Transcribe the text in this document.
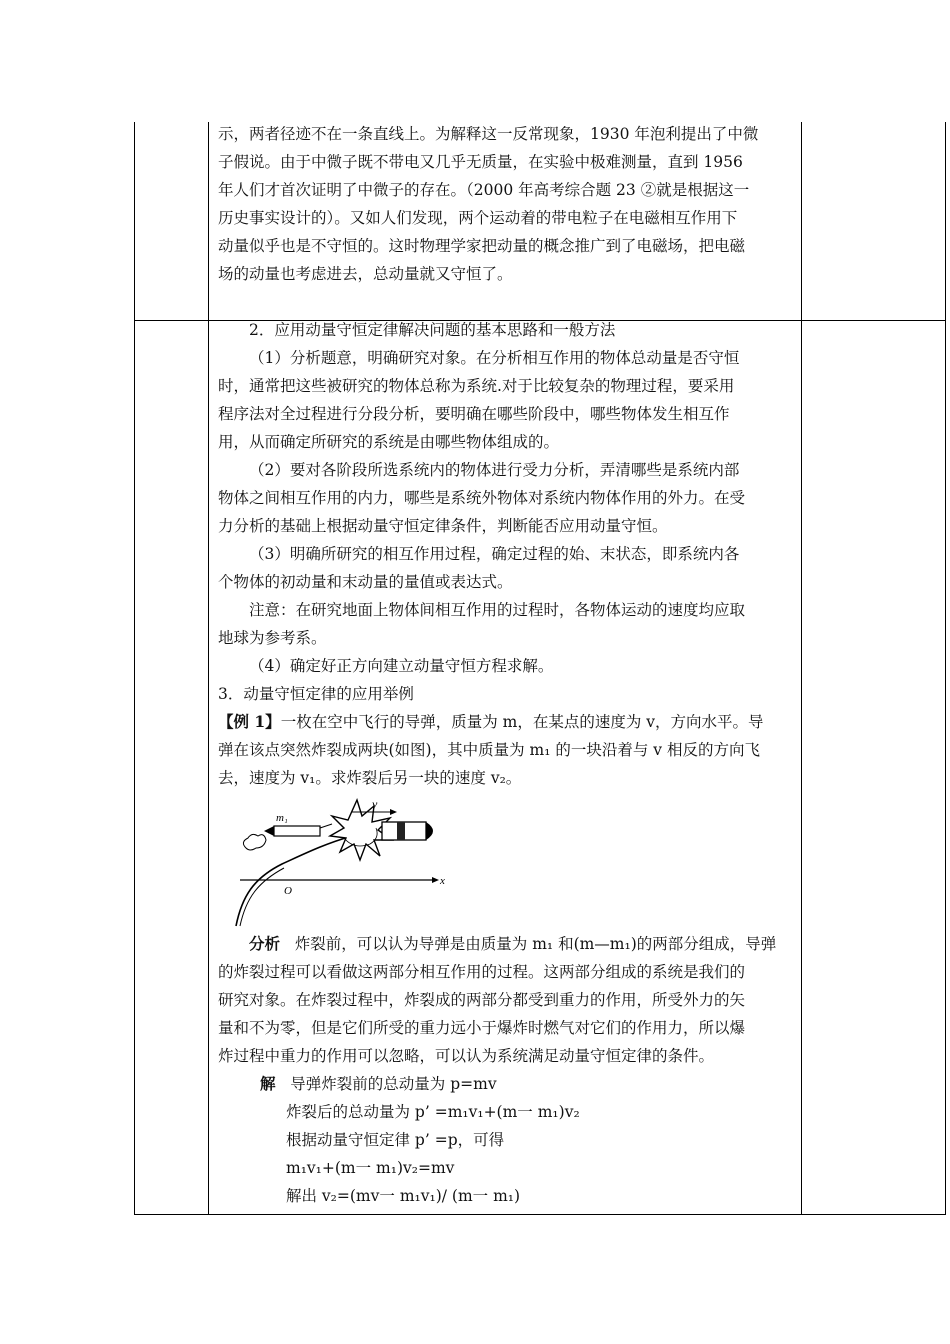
示，两者径迹不在一条直线上。为解释这一反常现象，1930 年泡利提出了中微
子假说。由于中微子既不带电又几乎无质量，在实验中极难测量，直到 1956
年人们才首次证明了中微子的存在。（2000 年高考综合题 23 ②就是根据这一
历史事实设计的）。又如人们发现，两个运动着的带电粒子在电磁相互作用下
动量似乎也是不守恒的。这时物理学家把动量的概念推广到了电磁场，把电磁
场的动量也考虑进去，总动量就又守恒了。
2．应用动量守恒定律解决问题的基本思路和一般方法
（1）分析题意，明确研究对象。在分析相互作用的物体总动量是否守恒
时，通常把这些被研究的物体总称为系统.对于比较复杂的物理过程，要采用
程序法对全过程进行分段分析，要明确在哪些阶段中，哪些物体发生相互作
用，从而确定所研究的系统是由哪些物体组成的。
（2）要对各阶段所选系统内的物体进行受力分析，弄清哪些是系统内部
物体之间相互作用的内力，哪些是系统外物体对系统内物体作用的外力。在受
力分析的基础上根据动量守恒定律条件，判断能否应用动量守恒。
（3）明确所研究的相互作用过程，确定过程的始、末状态，即系统内各
个物体的初动量和末动量的量值或表达式。
注意：在研究地面上物体间相互作用的过程时，各物体运动的速度均应取
地球为参考系。
（4）确定好正方向建立动量守恒方程求解。
3．动量守恒定律的应用举例
【例 1】一枚在空中飞行的导弹，质量为 m，在某点的速度为 v，方向水平。导
弹在该点突然炸裂成两块(如图)，其中质量为 m₁ 的一块沿着与 v 相反的方向飞
去，速度为 v₁。求炸裂后另一块的速度 v₂。
v
m₁
O
x
分析 炸裂前，可以认为导弹是由质量为 m₁ 和(m—m₁)的两部分组成，导弹
的炸裂过程可以看做这两部分相互作用的过程。这两部分组成的系统是我们的
研究对象。在炸裂过程中，炸裂成的两部分都受到重力的作用，所受外力的矢
量和不为零，但是它们所受的重力远小于爆炸时燃气对它们的作用力，所以爆
炸过程中重力的作用可以忽略，可以认为系统满足动量守恒定律的条件。
解 导弹炸裂前的总动量为 p=mv
炸裂后的总动量为 p’ =m₁v₁+(m一 m₁)v₂
根据动量守恒定律 p’ =p，可得
m₁v₁+(m一 m₁)v₂=mv
解出 v₂=(mv一 m₁v₁)/ (m一 m₁)
